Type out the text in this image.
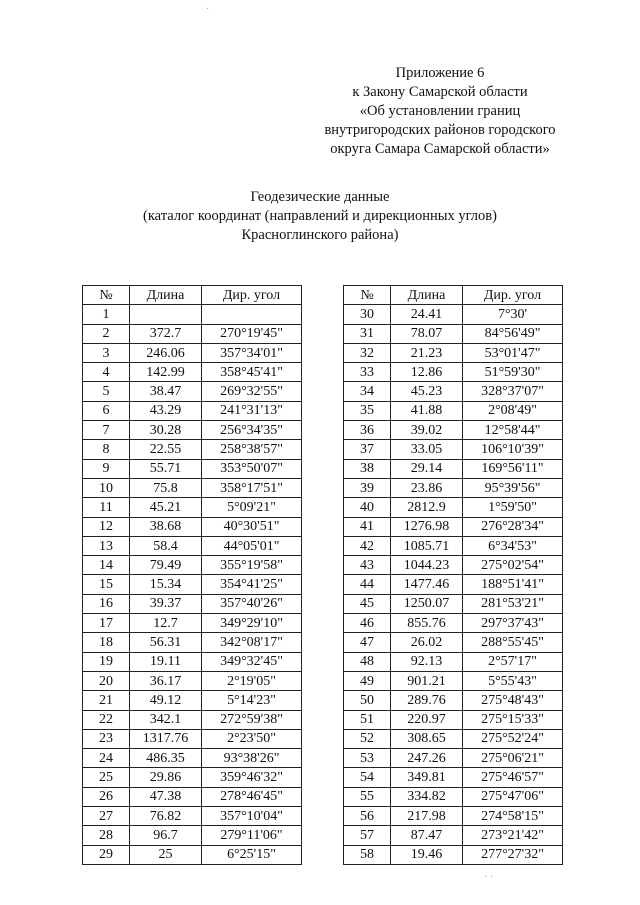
Приложение 6
к Закону Самарской области
«Об установлении границ
внутригородских районов городского
округа Самара Самарской области»
Геодезические данные
(каталог координат (направлений и дирекционных углов)
Красноглинского района)
№	Длина	Дир. угол
1		
2	372.7	270°19'45"
3	246.06	357°34'01"
4	142.99	358°45'41"
5	38.47	269°32'55"
6	43.29	241°31'13"
7	30.28	256°34'35"
8	22.55	258°38'57"
9	55.71	353°50'07"
10	75.8	358°17'51"
11	45.21	5°09'21"
12	38.68	40°30'51"
13	58.4	44°05'01"
14	79.49	355°19'58"
15	15.34	354°41'25"
16	39.37	357°40'26"
17	12.7	349°29'10"
18	56.31	342°08'17"
19	19.11	349°32'45"
20	36.17	2°19'05"
21	49.12	5°14'23"
22	342.1	272°59'38"
23	1317.76	2°23'50"
24	486.35	93°38'26"
25	29.86	359°46'32"
26	47.38	278°46'45"
27	76.82	357°10'04"
28	96.7	279°11'06"
29	25	6°25'15"
№	Длина	Дир. угол
30	24.41	7°30'
31	78.07	84°56'49"
32	21.23	53°01'47"
33	12.86	51°59'30"
34	45.23	328°37'07"
35	41.88	2°08'49"
36	39.02	12°58'44"
37	33.05	106°10'39"
38	29.14	169°56'11"
39	23.86	95°39'56"
40	2812.9	1°59'50"
41	1276.98	276°28'34"
42	1085.71	6°34'53"
43	1044.23	275°02'54"
44	1477.46	188°51'41"
45	1250.07	281°53'21"
46	855.76	297°37'43"
47	26.02	288°55'45"
48	92.13	2°57'17"
49	901.21	5°55'43"
50	289.76	275°48'43"
51	220.97	275°15'33"
52	308.65	275°52'24"
53	247.26	275°06'21"
54	349.81	275°46'57"
55	334.82	275°47'06"
56	217.98	274°58'15"
57	87.47	273°21'42"
58	19.46	277°27'32"
·
· ·
